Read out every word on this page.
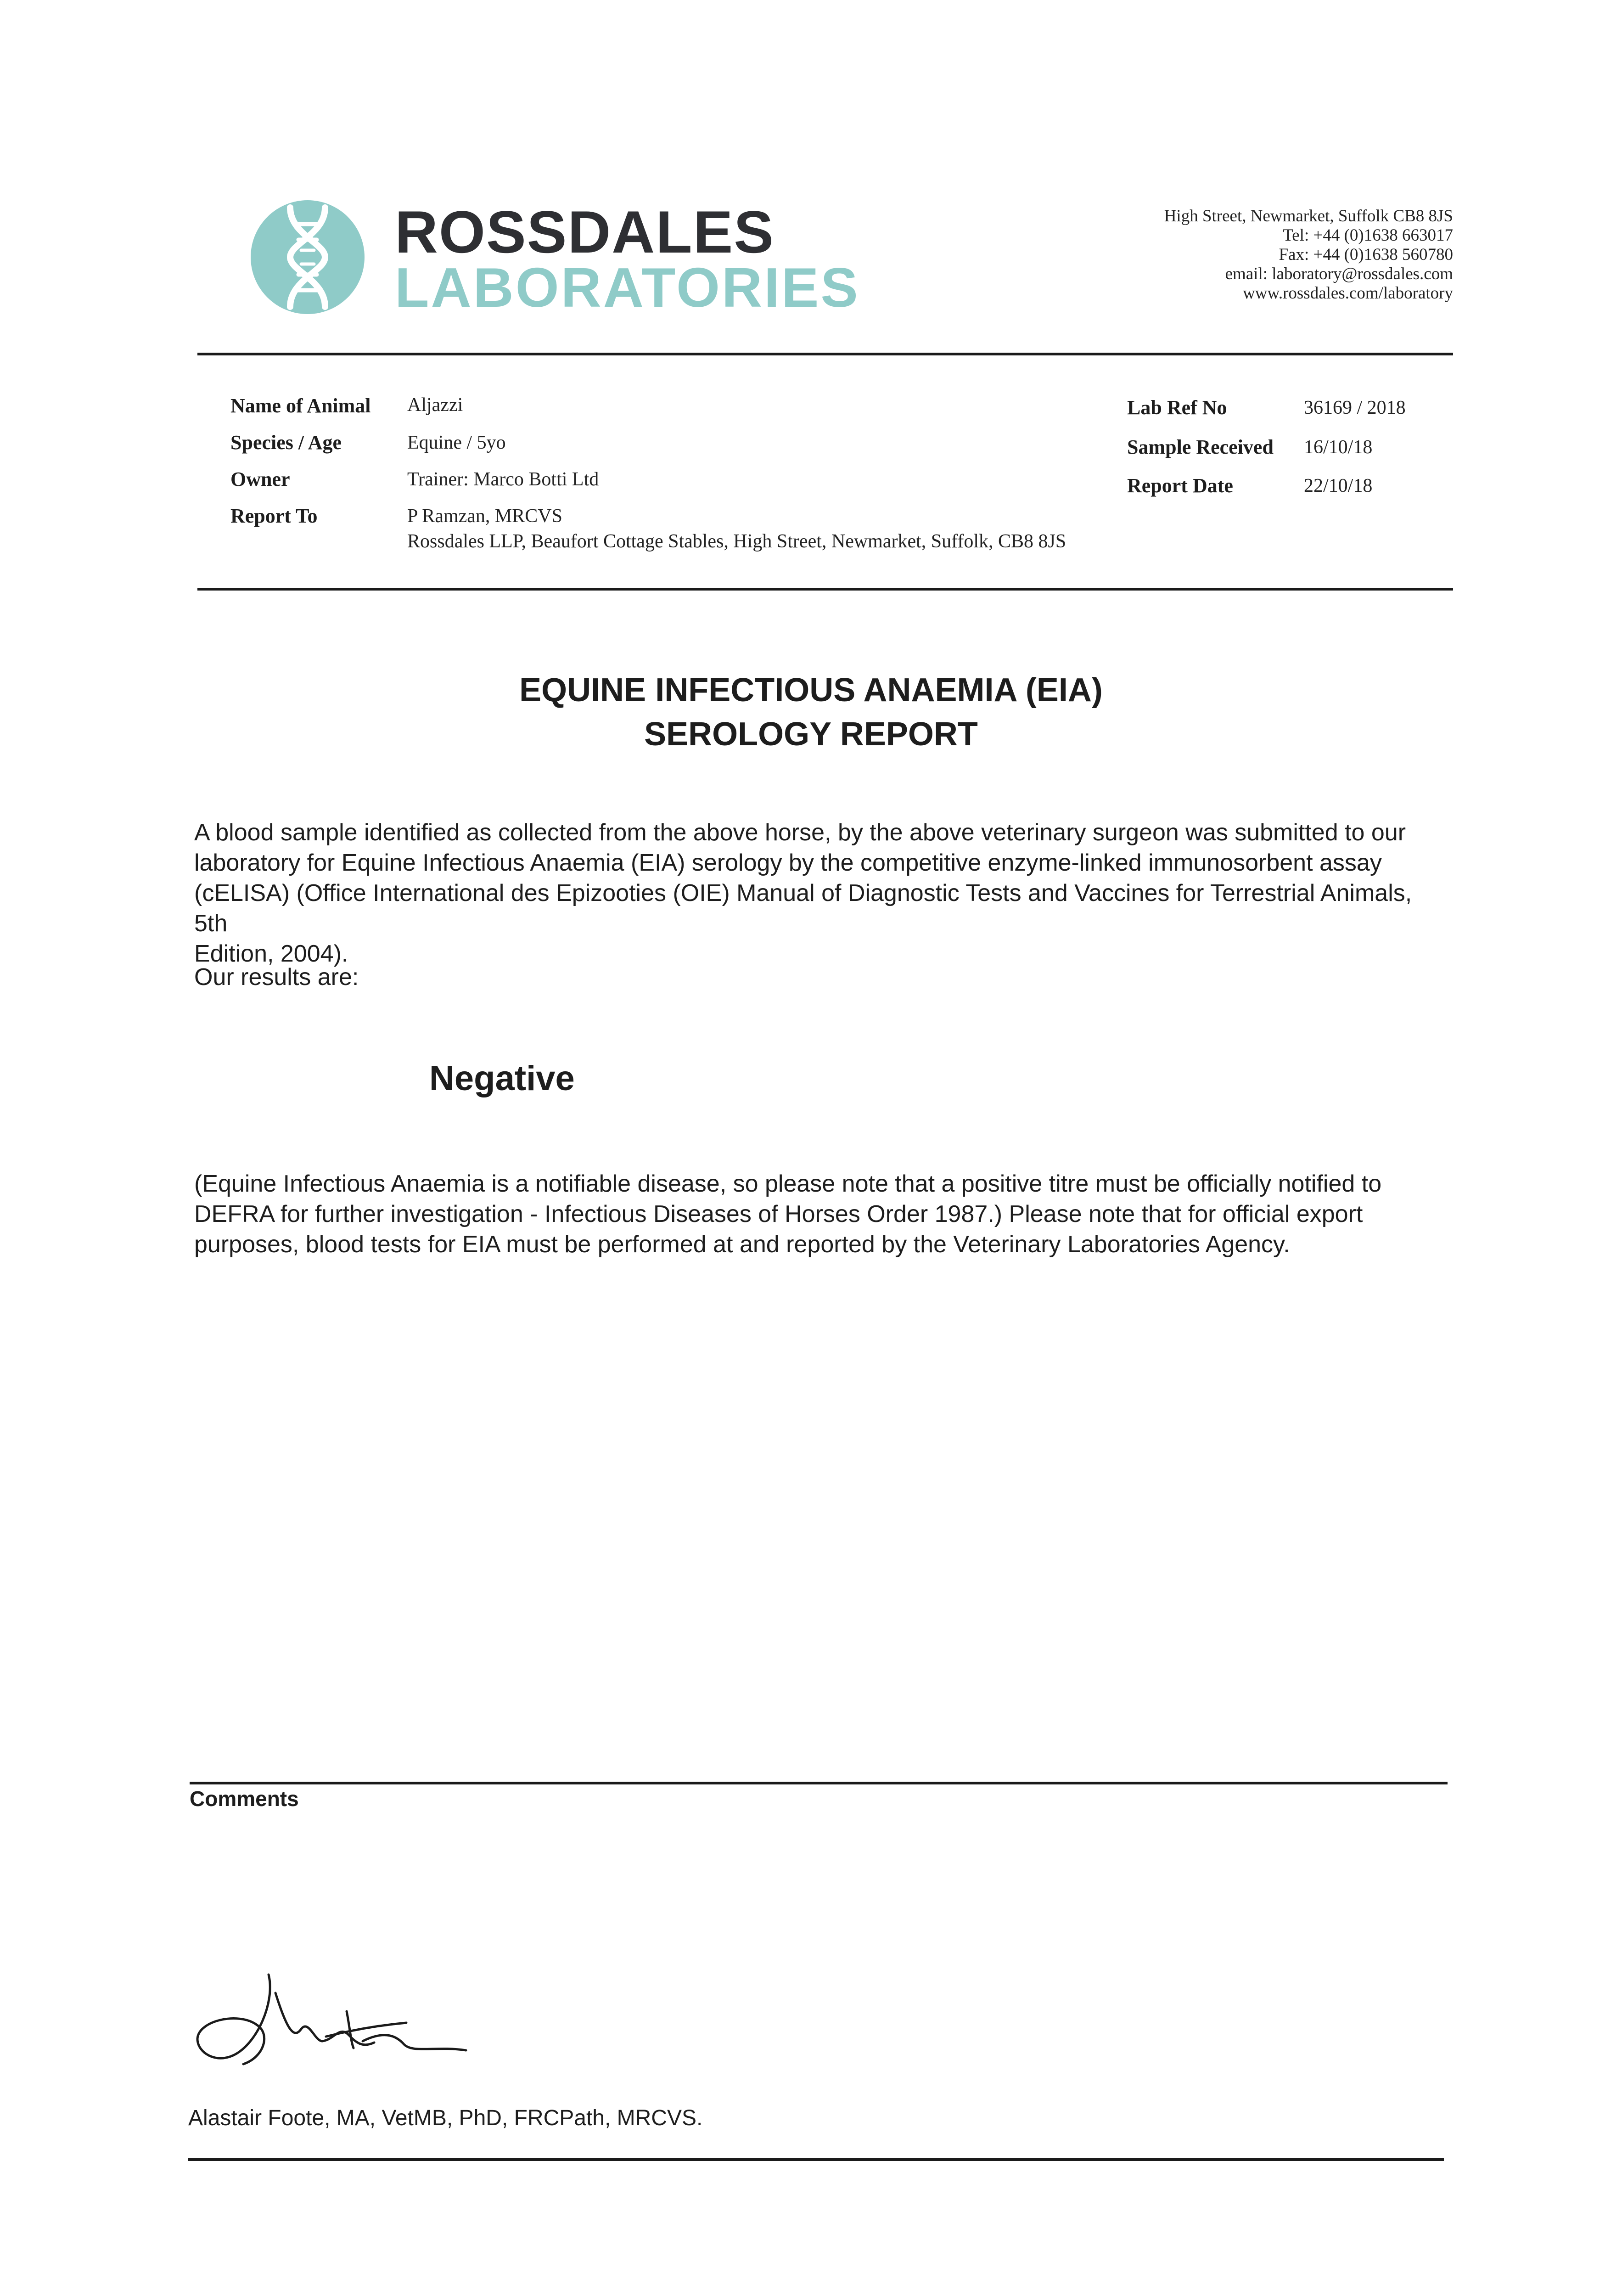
ROSSDALES
LABORATORIES
High Street, Newmarket, Suffolk CB8 8JS
Tel: +44 (0)1638 663017
Fax: +44 (0)1638 560780
email: laboratory@rossdales.com
www.rossdales.com/laboratory
Name of Animal Aljazzi
Species / Age	Equine / 5yo
Owner	Trainer: Marco Botti Ltd
Report To	P Ramzan, MRCVS
Rossdales LLP, Beaufort Cottage Stables, High Street, Newmarket, Suffolk, CB8 8JS
Lab Ref No	36169 / 2018
Sample Received 16/10/18
Report Date	22/10/18
EQUINE INFECTIOUS ANAEMIA (EIA)
SEROLOGY REPORT
A blood sample identified as collected from the above horse, by the above veterinary surgeon was submitted to our
laboratory for Equine Infectious Anaemia (EIA) serology by the competitive enzyme-linked immunosorbent assay
(cELISA) (Office International des Epizooties (OIE) Manual of Diagnostic Tests and Vaccines for Terrestrial Animals, 5th
Edition, 2004).
Our results are:
Negative
(Equine Infectious Anaemia is a notifiable disease, so please note that a positive titre must be officially notified to
DEFRA for further investigation - Infectious Diseases of Horses Order 1987.) Please note that for official export
purposes, blood tests for EIA must be performed at and reported by the Veterinary Laboratories Agency.
Comments
Alastair Foote, MA, VetMB, PhD, FRCPath, MRCVS.
